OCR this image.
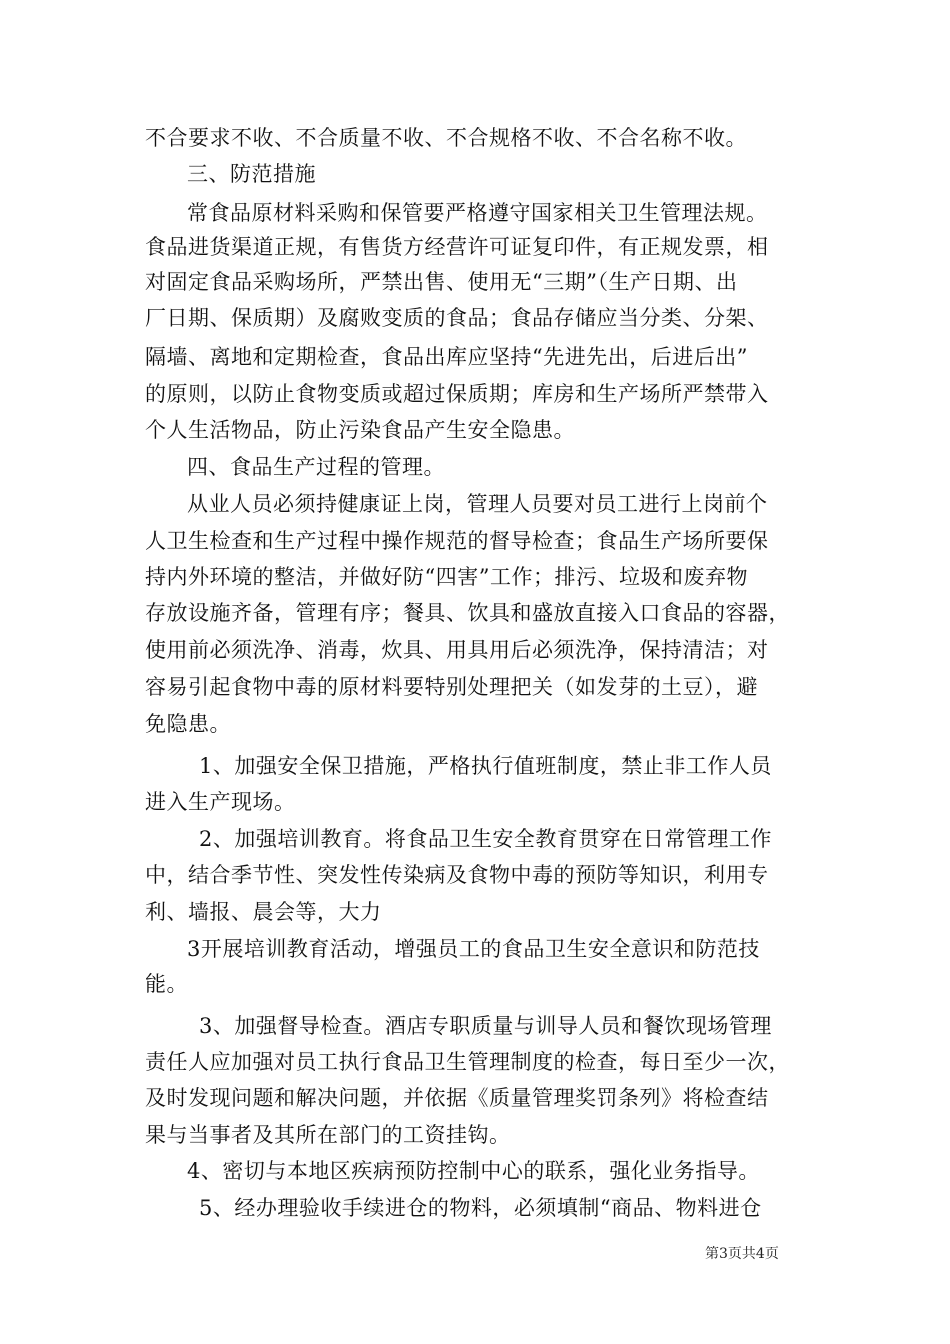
不合要求不收、不合质量不收、不合规格不收、不合名称不收。
三、防范措施
常食品原材料采购和保管要严格遵守国家相关卫生管理法规。
食品进货渠道正规，有售货方经营许可证复印件，有正规发票，相
对固定食品采购场所，严禁出售、使用无“三期”（生产日期、出
厂日期、保质期）及腐败变质的食品；食品存储应当分类、分架、
隔墙、离地和定期检查，食品出库应坚持“先进先出，后进后出”
的原则，以防止食物变质或超过保质期；库房和生产场所严禁带入
个人生活物品，防止污染食品产生安全隐患。
四、食品生产过程的管理。
从业人员必须持健康证上岗，管理人员要对员工进行上岗前个
人卫生检查和生产过程中操作规范的督导检查；食品生产场所要保
持内外环境的整洁，并做好防“四害”工作；排污、垃圾和废弃物
存放设施齐备，管理有序；餐具、饮具和盛放直接入口食品的容器，
使用前必须洗净、消毒，炊具、用具用后必须洗净，保持清洁；对
容易引起食物中毒的原材料要特别处理把关（如发芽的土豆），避
免隐患。
1、加强安全保卫措施，严格执行值班制度，禁止非工作人员
进入生产现场。
2、加强培训教育。将食品卫生安全教育贯穿在日常管理工作
中，结合季节性、突发性传染病及食物中毒的预防等知识，利用专
利、墙报、晨会等，大力
3开展培训教育活动，增强员工的食品卫生安全意识和防范技
能。
3、加强督导检查。酒店专职质量与训导人员和餐饮现场管理
责任人应加强对员工执行食品卫生管理制度的检查，每日至少一次，
及时发现问题和解决问题，并依据《质量管理奖罚条列》将检查结
果与当事者及其所在部门的工资挂钩。
4、密切与本地区疾病预防控制中心的联系，强化业务指导。
5、经办理验收手续进仓的物料，必须填制“商品、物料进仓
第3页共4页
